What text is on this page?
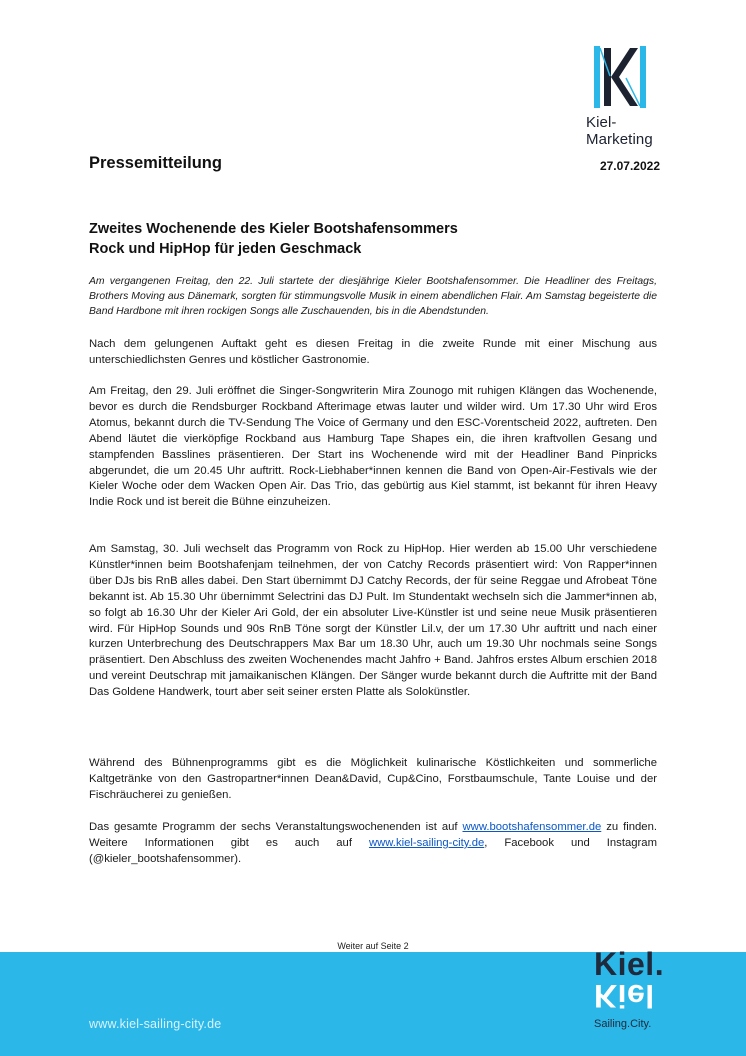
Kiel-Marketing
Pressemitteilung	27.07.2022
Zweites Wochenende des Kieler Bootshafensommers
Rock und HipHop für jeden Geschmack
Am vergangenen Freitag, den 22. Juli startete der diesjährige Kieler Bootshafensommer. Die Headliner des Freitags, Brothers Moving aus Dänemark, sorgten für stimmungsvolle Musik in einem abendlichen Flair. Am Samstag begeisterte die Band Hardbone mit ihren rockigen Songs alle Zuschauenden, bis in die Abendstunden.
Nach dem gelungenen Auftakt geht es diesen Freitag in die zweite Runde mit einer Mischung aus unterschiedlichsten Genres und köstlicher Gastronomie.
Am Freitag, den 29. Juli eröffnet die Singer-Songwriterin Mira Zounogo mit ruhigen Klängen das Wochenende, bevor es durch die Rendsburger Rockband Afterimage etwas lauter und wilder wird. Um 17.30 Uhr wird Eros Atomus, bekannt durch die TV-Sendung The Voice of Germany und den ESC-Vorentscheid 2022, auftreten. Den Abend läutet die vierköpfige Rockband aus Hamburg Tape Shapes ein, die ihren kraftvollen Gesang und stampfenden Basslines präsentieren. Der Start ins Wochenende wird mit der Headliner Band Pinpricks abgerundet, die um 20.45 Uhr auftritt. Rock-Liebhaber*innen kennen die Band von Open-Air-Festivals wie der Kieler Woche oder dem Wacken Open Air. Das Trio, das gebürtig aus Kiel stammt, ist bekannt für ihren Heavy Indie Rock und ist bereit die Bühne einzuheizen.
Am Samstag, 30. Juli wechselt das Programm von Rock zu HipHop. Hier werden ab 15.00 Uhr verschiedene Künstler*innen beim Bootshafenjam teilnehmen, der von Catchy Records präsentiert wird: Von Rapper*innen über DJs bis RnB alles dabei. Den Start übernimmt DJ Catchy Records, der für seine Reggae und Afrobeat Töne bekannt ist. Ab 15.30 Uhr übernimmt Selectrini das DJ Pult. Im Stundentakt wechseln sich die Jammer*innen ab, so folgt ab 16.30 Uhr der Kieler Ari Gold, der ein absoluter Live-Künstler ist und seine neue Musik präsentieren wird. Für HipHop Sounds und 90s RnB Töne sorgt der Künstler Lil.v, der um 17.30 Uhr auftritt und nach einer kurzen Unterbrechung des Deutschrappers Max Bar um 18.30 Uhr, auch um 19.30 Uhr nochmals seine Songs präsentiert. Den Abschluss des zweiten Wochenendes macht Jahfro + Band. Jahfros erstes Album erschien 2018 und vereint Deutschrap mit jamaikanischen Klängen. Der Sänger wurde bekannt durch die Auftritte mit der Band Das Goldene Handwerk, tourt aber seit seiner ersten Platte als Solokünstler.
Während des Bühnenprogramms gibt es die Möglichkeit kulinarische Köstlichkeiten und sommerliche Kaltgetränke von den Gastropartner*innen Dean&David, Cup&Cino, Forstbaumschule, Tante Louise und der Fischräucherei zu genießen.
Das gesamte Programm der sechs Veranstaltungswochenenden ist auf www.bootshafensommer.de zu finden. Weitere Informationen gibt es auch auf www.kiel-sailing-city.de, Facebook und Instagram (@kieler_bootshafensommer).
Weiter auf Seite 2
www.kiel-sailing-city.de
Kiel.
Kiel
Sailing.City.
